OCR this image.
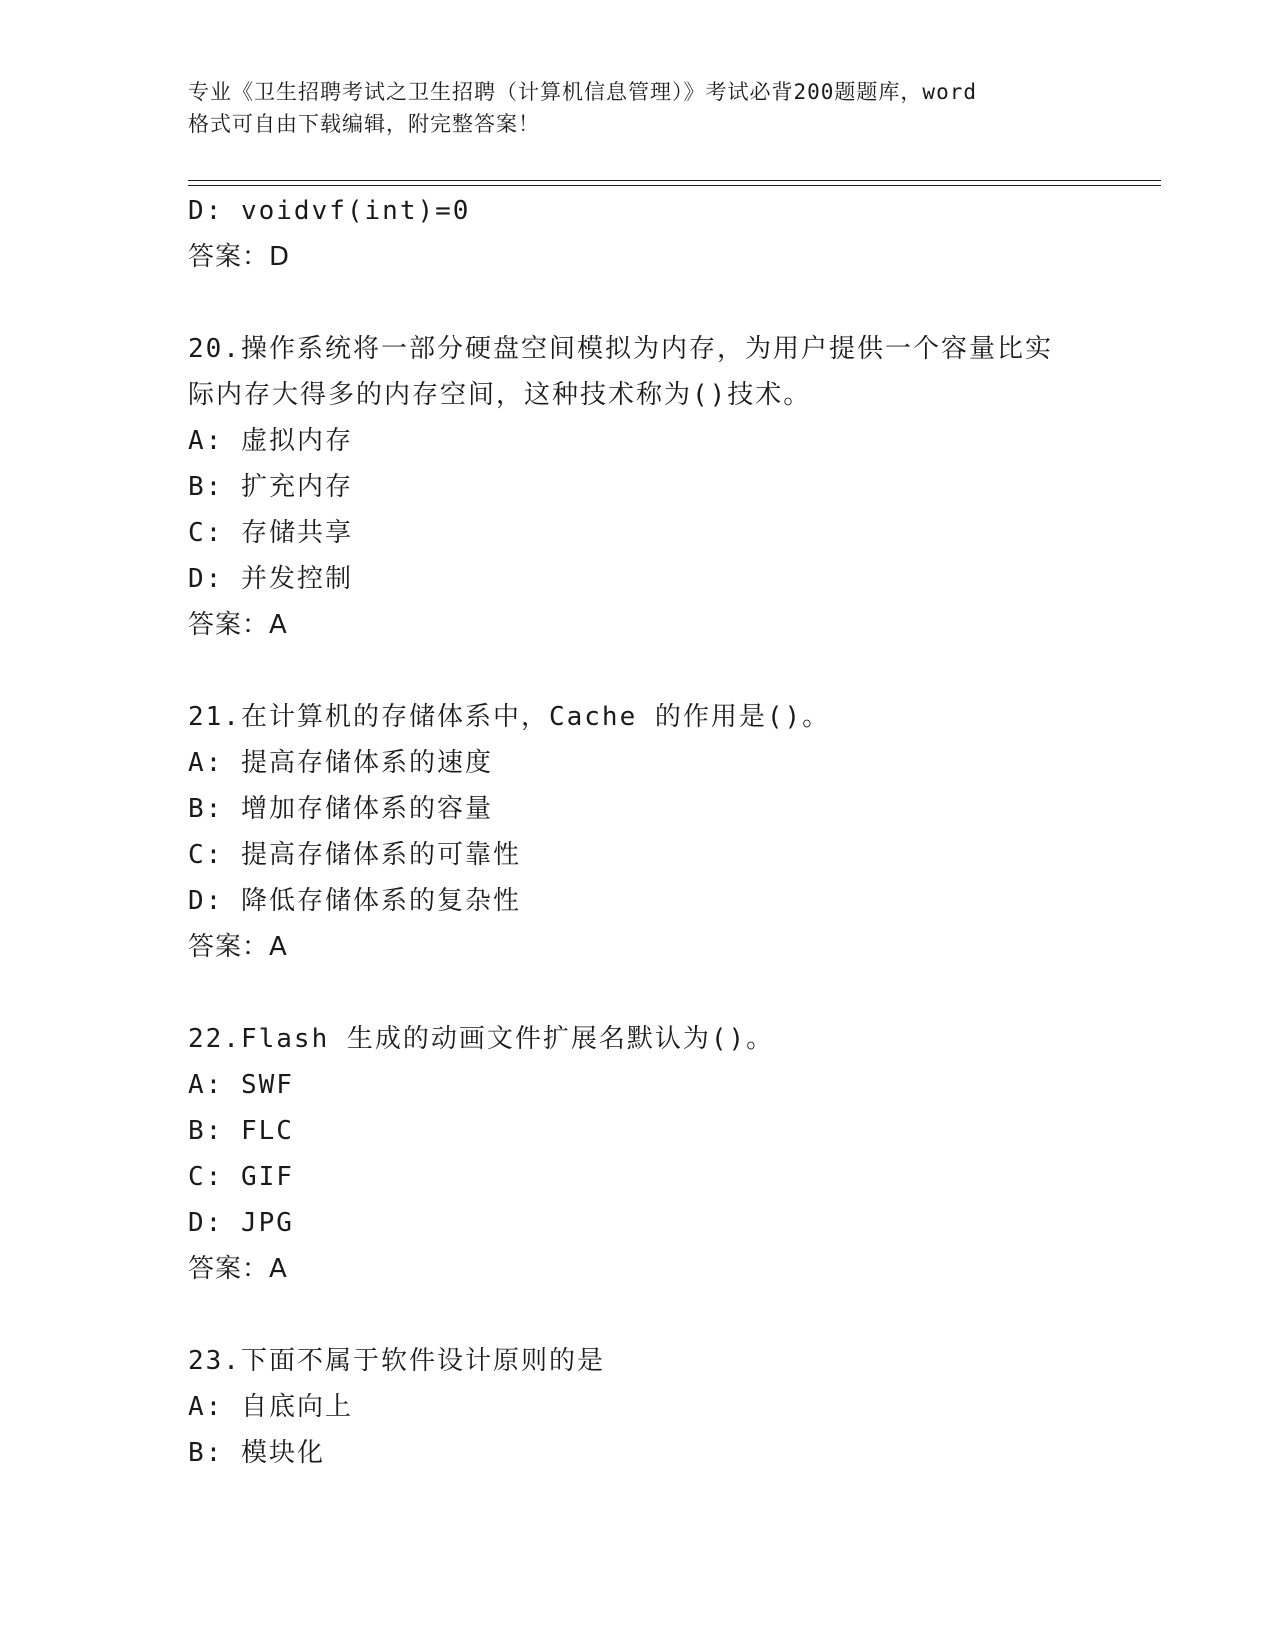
专业《卫生招聘考试之卫生招聘（计算机信息管理）》考试必背200题题库，word
格式可自由下载编辑，附完整答案！
D: voidvf(int)=0
答案：D
20.操作系统将一部分硬盘空间模拟为内存，为用户提供一个容量比实
际内存大得多的内存空间，这种技术称为()技术。
A: 虚拟内存
B: 扩充内存
C: 存储共享
D: 并发控制
答案：A
21.在计算机的存储体系中，Cache 的作用是()。
A: 提高存储体系的速度
B: 增加存储体系的容量
C: 提高存储体系的可靠性
D: 降低存储体系的复杂性
答案：A
22.Flash 生成的动画文件扩展名默认为()。
A: SWF
B: FLC
C: GIF
D: JPG
答案：A
23.下面不属于软件设计原则的是
A: 自底向上
B: 模块化
